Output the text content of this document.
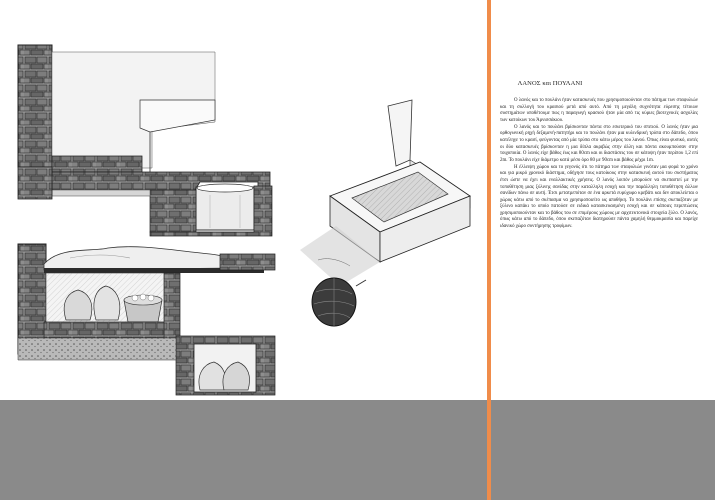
ΛΑΝΟΣ και ΠΟΥΛΑΝΙ

Ο λανός και το πουλάνι ήταν κατασκευές που χρησιμοποιούνταν στο πάτημα των σταφυλιών και τη συλλογή του κρασιού μετά από αυτό. Από τη μεγάλη συχνότητα εύρεσης τέτοιων συστημάτων υποθέτουμε πως η παραγωγή κρασιού ήταν μία από τις κύριες βιοτεχνικές ασχολίες των κατοίκων του Άρνισσάκιου.

Ο λανός και το πουλάνι βρίσκονταν πάντα στο εσωτερικό του σπιτιού. Ο λανός ήταν μια ορθογωνική ρηχή δεξαμενή-πατητήρι και το πουλάνι ήταν μια κυλινδρική τρύπα στο δάπεδο, όπου κατέληγε το κρασί, φεύγοντας από μία τρύπα στο κάτω μέρος του λανού. Όπως είναι φυσικό, αυτές οι δύο κατασκευές βρίσκονταν η μια δίπλα ακριβώς στην άλλη και πάντα ακουμπούσαν στην τοιχοποιία. Ο λανός είχε βάθος έως και 80cm και οι διαστάσεις του σε κάτοψη ήταν περίπου 1,2 επί 2m. Το πουλάνι είχε διάμετρο κατά μέσο όρο 80 με 90cm και βάθος μέχρι 1m.

Η έλλειψη χώρου και το γεγονός ότι το πάτημα των σταφυλιών γινόταν μια φορά το χρόνο και για μικρό χρονικό διάστημα, οδήγησε τους κατοίκους στην κατασκευή αυτού του συστήματος έτσι ώστε να έχει και εναλλακτικές χρήσεις. Ο λανός λοιπόν μπορούσε να σκεπαστεί με την τοποθέτηση μιας ξύλινης σανίδας στην καταλληλη εσοχή και την παράλληλη τοποθέτηση άλλων σανίδων πάνω σε αυτή. Έτσι μετατρεπόταν σε ένα αρκετά ευρύχωρο κρεβάτι και δεν αποκλείεται ο χώρος κάτω από το σκέπασμα να χρησιμοποιείτο ως αποθήκη. Το πουλάνι επίσης σκεπαζόταν με ξύλινο καπάκι το οποίο πατούσε σε ειδικά κατασκευασμένη εσοχή και σε κάποιες περιπτώσεις χρησιμοποιούνταν και το βάθος του σε επιμέρους χώρους με αρχιτεκτονικά στοιχεία ξύλο. Ο λανός, όπως κάτω από το δάπεδο, όπου σκεπαζόταν διατηρούσε πάντα χαμηλή θερμοκρασία και παρείχε ιδανικό χώρο συντήρησης τροφίμων.
